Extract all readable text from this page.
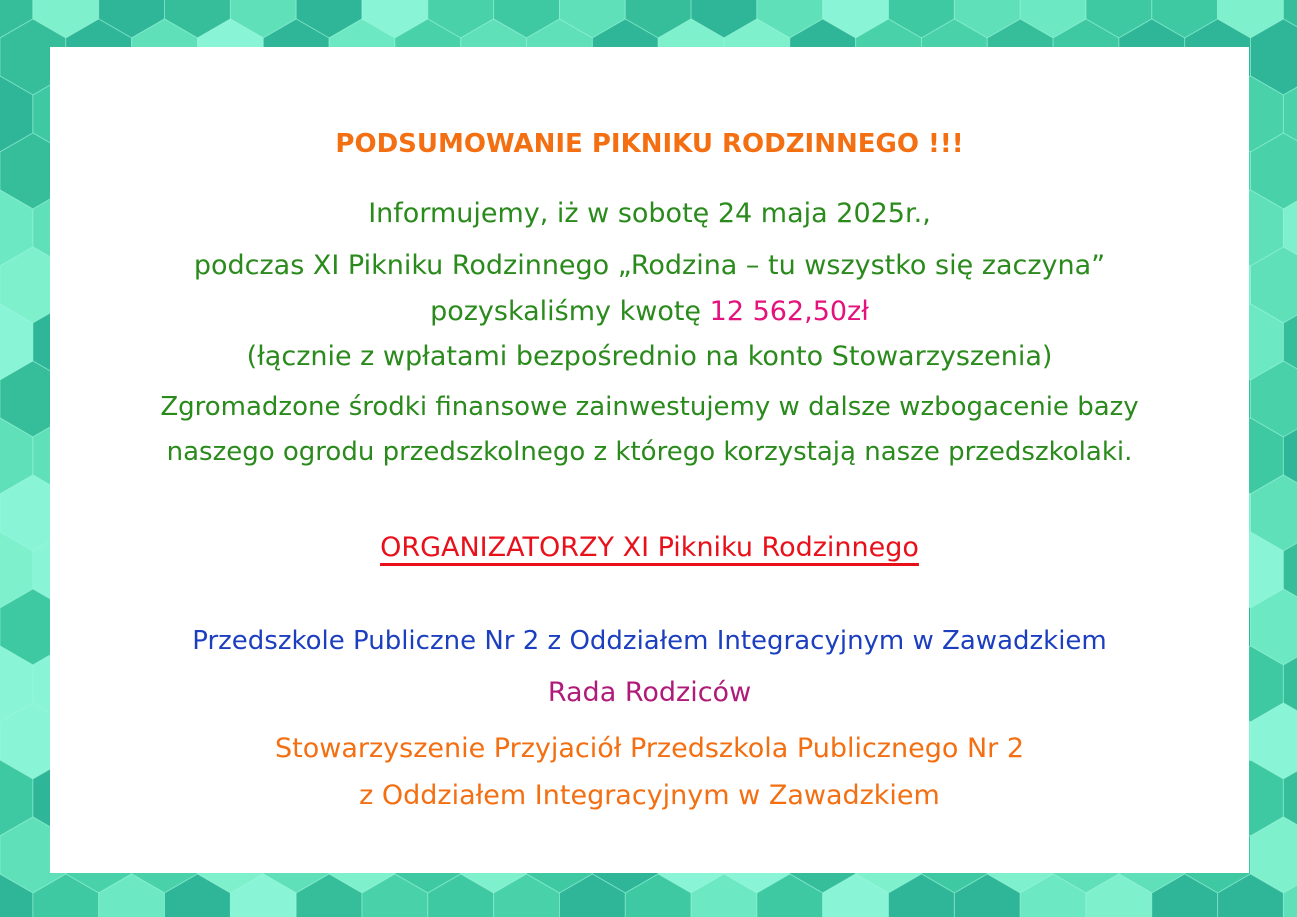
PODSUMOWANIE PIKNIKU RODZINNEGO !!!
Informujemy, iż w sobotę 24 maja 2025r.,
podczas XI Pikniku Rodzinnego „Rodzina – tu wszystko się zaczyna”
pozyskaliśmy kwotę 12 562,50zł
(łącznie z wpłatami bezpośrednio na konto Stowarzyszenia)
Zgromadzone środki finansowe zainwestujemy w dalsze wzbogacenie bazy
naszego ogrodu przedszkolnego z którego korzystają nasze przedszkolaki.
ORGANIZATORZY XI Pikniku Rodzinnego
Przedszkole Publiczne Nr 2 z Oddziałem Integracyjnym w Zawadzkiem
Rada Rodziców
Stowarzyszenie Przyjaciół Przedszkola Publicznego Nr 2
z Oddziałem Integracyjnym w Zawadzkiem
